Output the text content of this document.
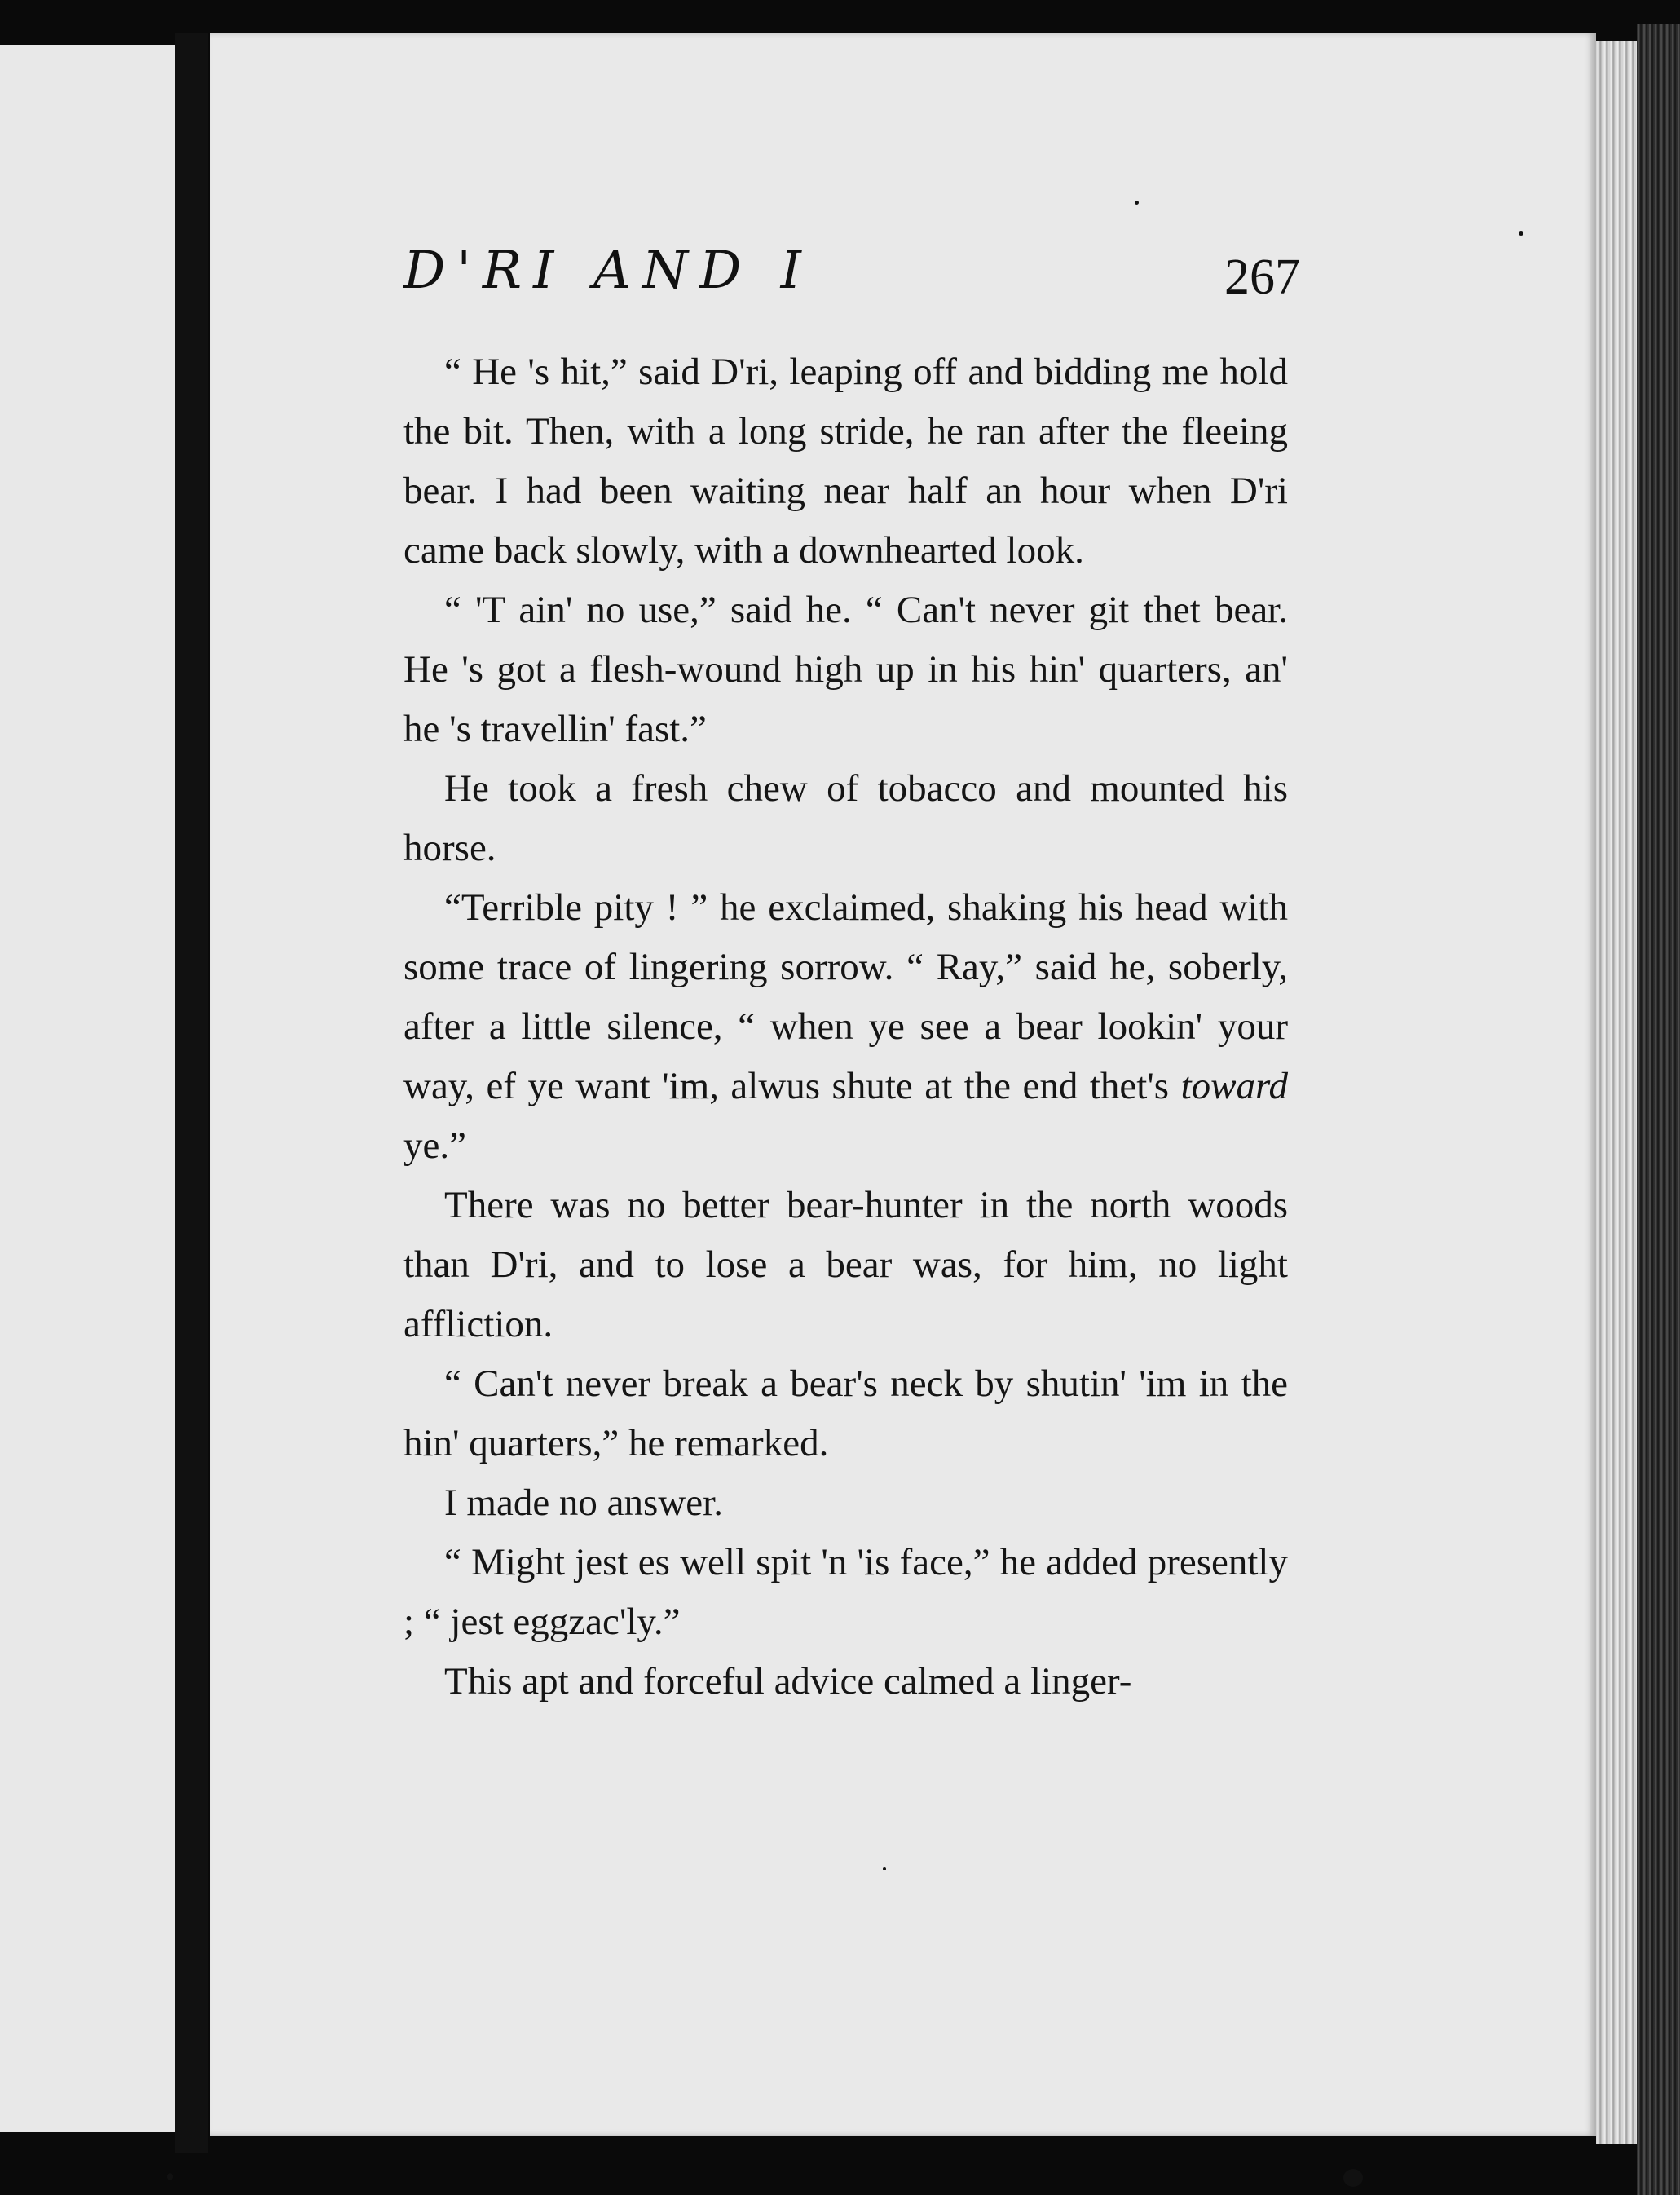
D'RI AND I	267

“ He 's hit,” said D'ri, leaping off and bidding me hold the bit. Then, with a long stride, he ran after the fleeing bear. I had been waiting near half an hour when D'ri came back slowly, with a downhearted look.

“ 'T ain' no use,” said he. “ Can't never git thet bear. He 's got a flesh-wound high up in his hin' quarters, an' he 's travellin' fast.”

He took a fresh chew of tobacco and mounted his horse.

“Terrible pity ! ” he exclaimed, shaking his head with some trace of lingering sorrow. “ Ray,” said he, soberly, after a little silence, “ when ye see a bear lookin' your way, ef ye want 'im, alwus shute at the end thet's toward ye.”

There was no better bear-hunter in the north woods than D'ri, and to lose a bear was, for him, no light affliction.

“ Can't never break a bear's neck by shutin' 'im in the hin' quarters,” he remarked.

I made no answer.

“ Might jest es well spit 'n 'is face,” he added presently ; “ jest eggzac'ly.”

This apt and forceful advice calmed a linger-
